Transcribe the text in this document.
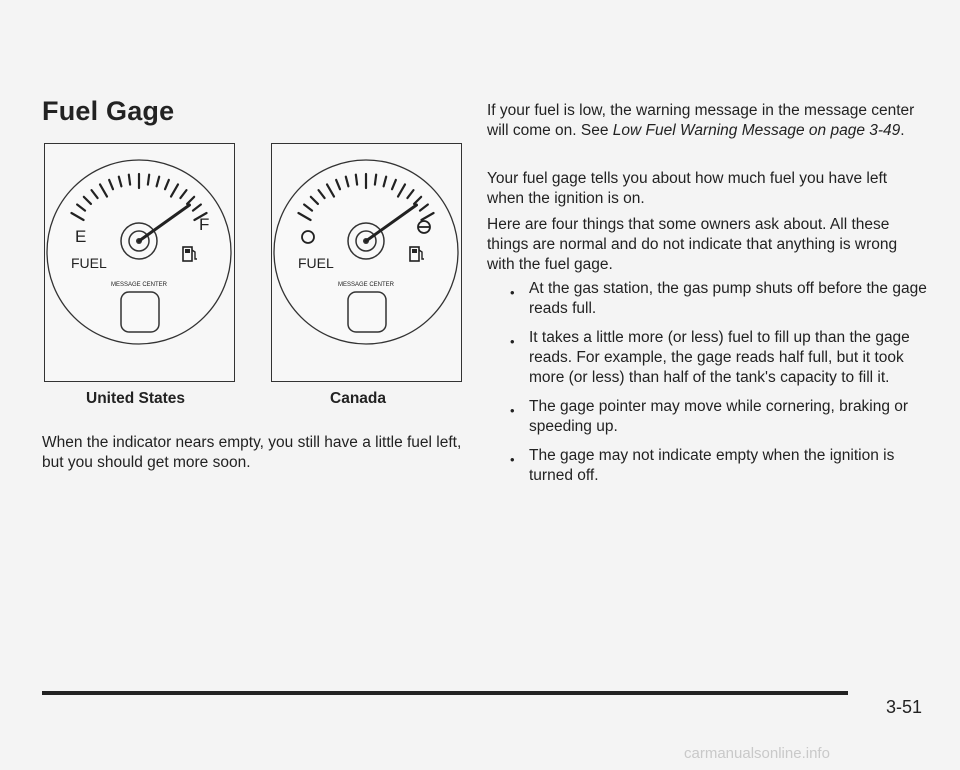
Fuel Gage
E
F
FUEL
MESSAGE CENTER
FUEL
MESSAGE CENTER
United States	Canada

When the indicator nears empty, you still have a little fuel left, but you should get more soon.

If your fuel is low, the warning message in the message center will come on. See Low Fuel Warning Message on page 3-49.

Your fuel gage tells you about how much fuel you have left when the ignition is on.

Here are four things that some owners ask about. All these things are normal and do not indicate that anything is wrong with the fuel gage.

• At the gas station, the gas pump shuts off before the gage reads full.
• It takes a little more (or less) fuel to fill up than the gage reads. For example, the gage reads half full, but it took more (or less) than half of the tank's capacity to fill it.
• The gage pointer may move while cornering, braking or speeding up.
• The gage may not indicate empty when the ignition is turned off.
3-51
carmanualsonline.info
